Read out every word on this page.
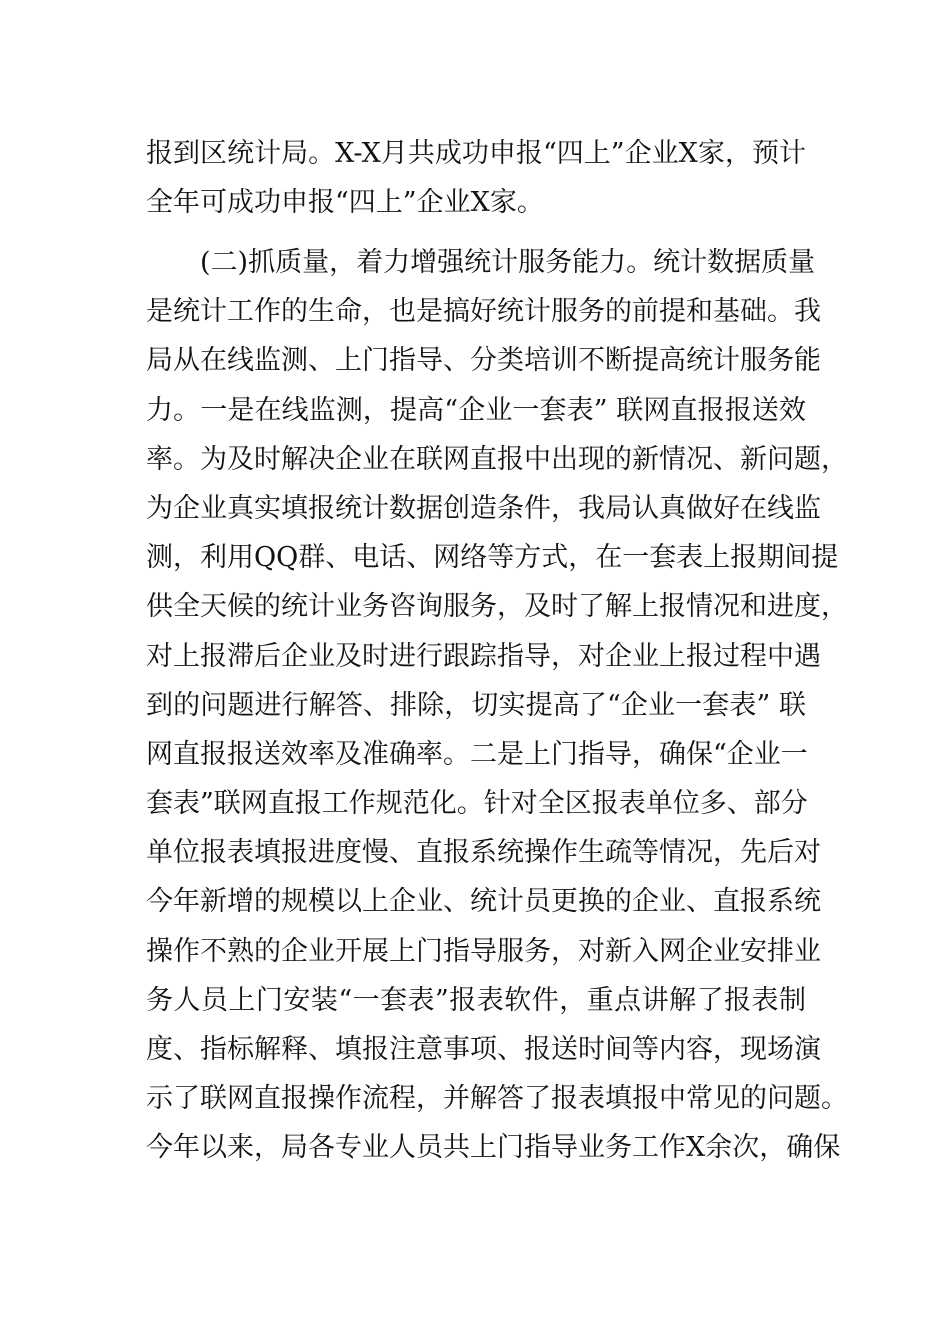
报到区统计局。X-X月共成功申报“四上”企业X家，预计
全年可成功申报“四上”企业X家。
(二)抓质量，着力增强统计服务能力。统计数据质量
是统计工作的生命，也是搞好统计服务的前提和基础。我
局从在线监测、上门指导、分类培训不断提高统计服务能
力。一是在线监测，提高“企业一套表” 联网直报报送效
率。为及时解决企业在联网直报中出现的新情况、新问题，
为企业真实填报统计数据创造条件，我局认真做好在线监
测，利用QQ群、电话、网络等方式，在一套表上报期间提
供全天候的统计业务咨询服务，及时了解上报情况和进度，
对上报滞后企业及时进行跟踪指导，对企业上报过程中遇
到的问题进行解答、排除，切实提高了“企业一套表” 联
网直报报送效率及准确率。二是上门指导，确保“企业一
套表”联网直报工作规范化。针对全区报表单位多、部分
单位报表填报进度慢、直报系统操作生疏等情况，先后对
今年新增的规模以上企业、统计员更换的企业、直报系统
操作不熟的企业开展上门指导服务，对新入网企业安排业
务人员上门安装“一套表”报表软件，重点讲解了报表制
度、指标解释、填报注意事项、报送时间等内容，现场演
示了联网直报操作流程，并解答了报表填报中常见的问题。
今年以来，局各专业人员共上门指导业务工作X余次，确保
